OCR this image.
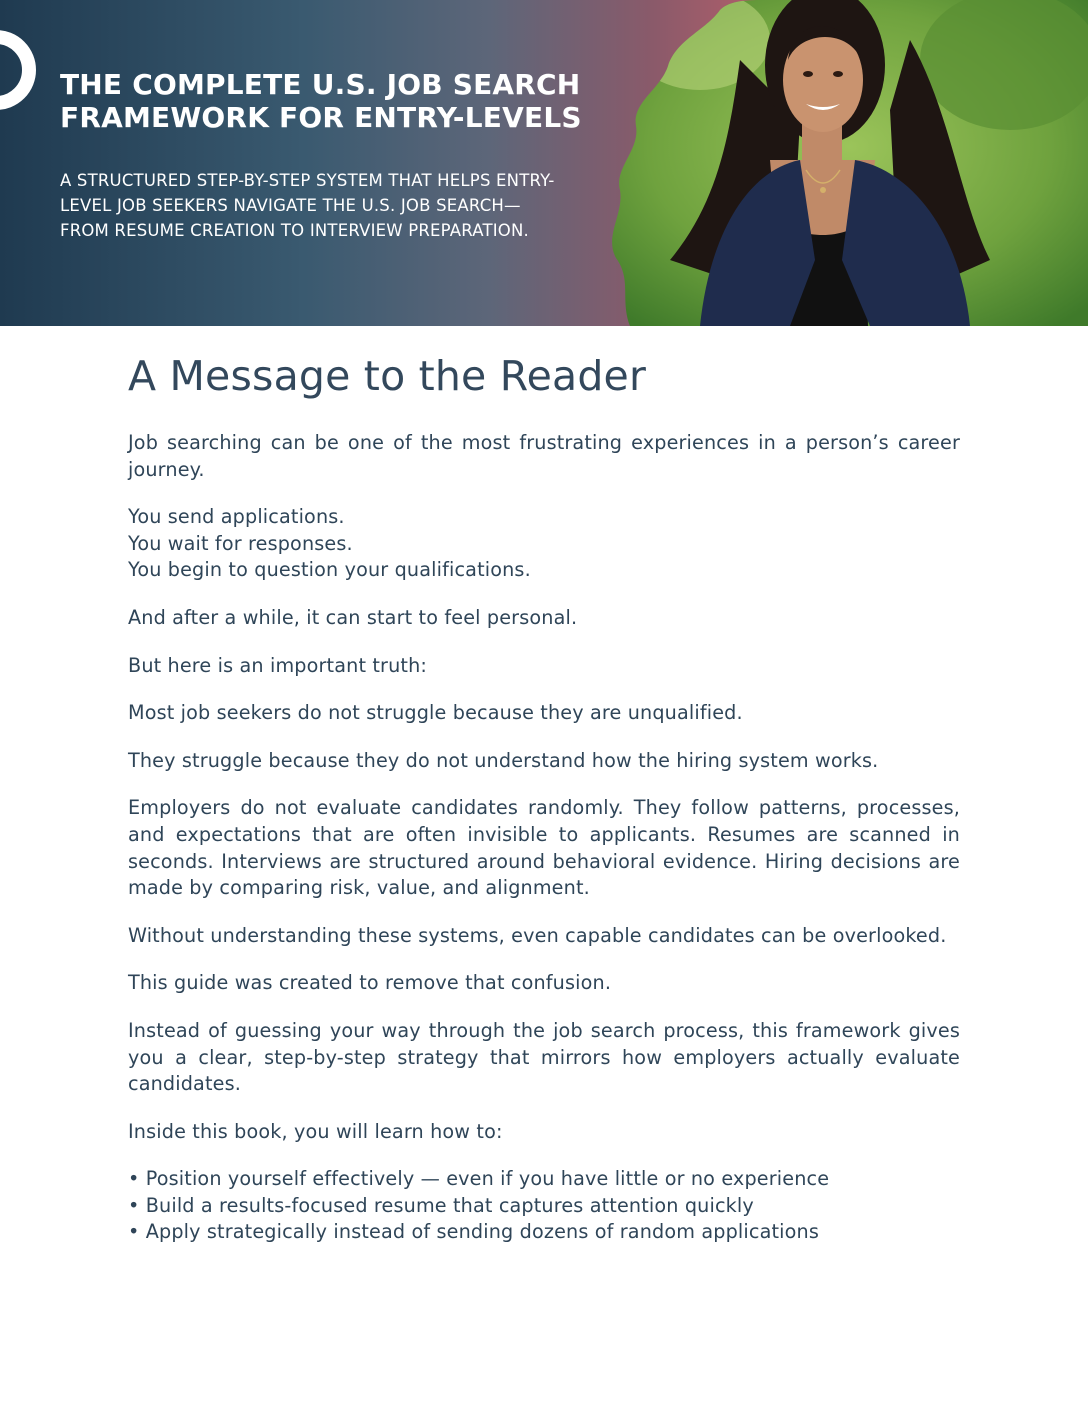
THE COMPLETE U.S. JOB SEARCH
FRAMEWORK FOR ENTRY-LEVELS

A STRUCTURED STEP-BY-STEP SYSTEM THAT HELPS ENTRY-LEVEL JOB SEEKERS NAVIGATE THE U.S. JOB SEARCH—FROM RESUME CREATION TO INTERVIEW PREPARATION.

A Message to the Reader

Job searching can be one of the most frustrating experiences in a person’s career journey.

You send applications.
You wait for responses.
You begin to question your qualifications.

And after a while, it can start to feel personal.

But here is an important truth:

Most job seekers do not struggle because they are unqualified.

They struggle because they do not understand how the hiring system works.

Employers do not evaluate candidates randomly. They follow patterns, processes, and expectations that are often invisible to applicants. Resumes are scanned in seconds. Interviews are structured around behavioral evidence. Hiring decisions are made by comparing risk, value, and alignment.

Without understanding these systems, even capable candidates can be overlooked.

This guide was created to remove that confusion.

Instead of guessing your way through the job search process, this framework gives you a clear, step-by-step strategy that mirrors how employers actually evaluate candidates.

Inside this book, you will learn how to:

• Position yourself effectively — even if you have little or no experience
• Build a results-focused resume that captures attention quickly
• Apply strategically instead of sending dozens of random applications
